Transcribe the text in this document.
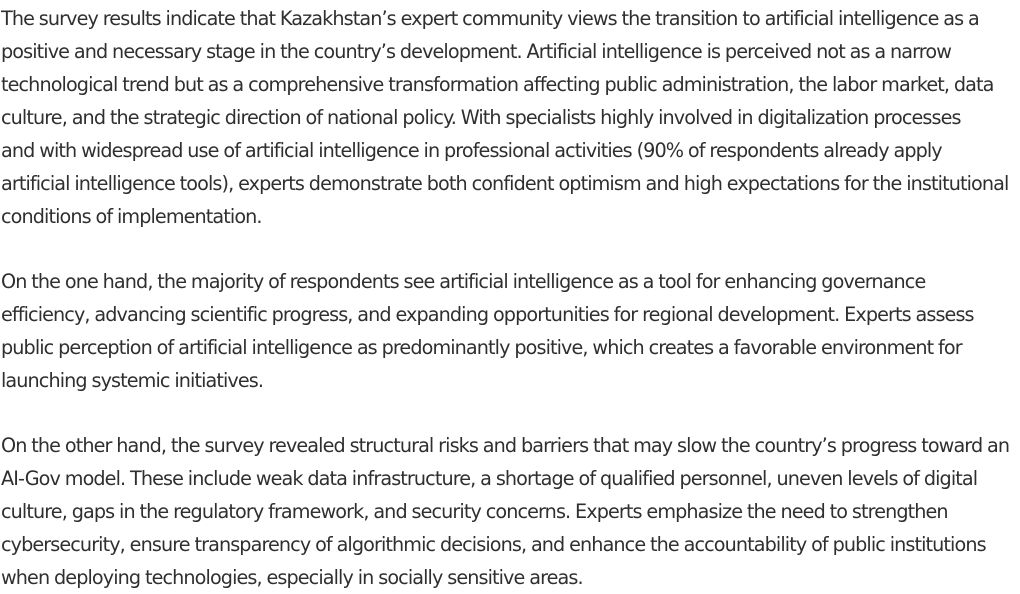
The survey results indicate that Kazakhstan’s expert community views the transition to artificial intelligence as a
positive and necessary stage in the country’s development. Artificial intelligence is perceived not as a narrow
technological trend but as a comprehensive transformation affecting public administration, the labor market, data
culture, and the strategic direction of national policy. With specialists highly involved in digitalization processes
and with widespread use of artificial intelligence in professional activities (90% of respondents already apply
artificial intelligence tools), experts demonstrate both confident optimism and high expectations for the institutional
conditions of implementation.
On the one hand, the majority of respondents see artificial intelligence as a tool for enhancing governance
efficiency, advancing scientific progress, and expanding opportunities for regional development. Experts assess
public perception of artificial intelligence as predominantly positive, which creates a favorable environment for
launching systemic initiatives.
On the other hand, the survey revealed structural risks and barriers that may slow the country’s progress toward an
AI-Gov model. These include weak data infrastructure, a shortage of qualified personnel, uneven levels of digital
culture, gaps in the regulatory framework, and security concerns. Experts emphasize the need to strengthen
cybersecurity, ensure transparency of algorithmic decisions, and enhance the accountability of public institutions
when deploying technologies, especially in socially sensitive areas.
